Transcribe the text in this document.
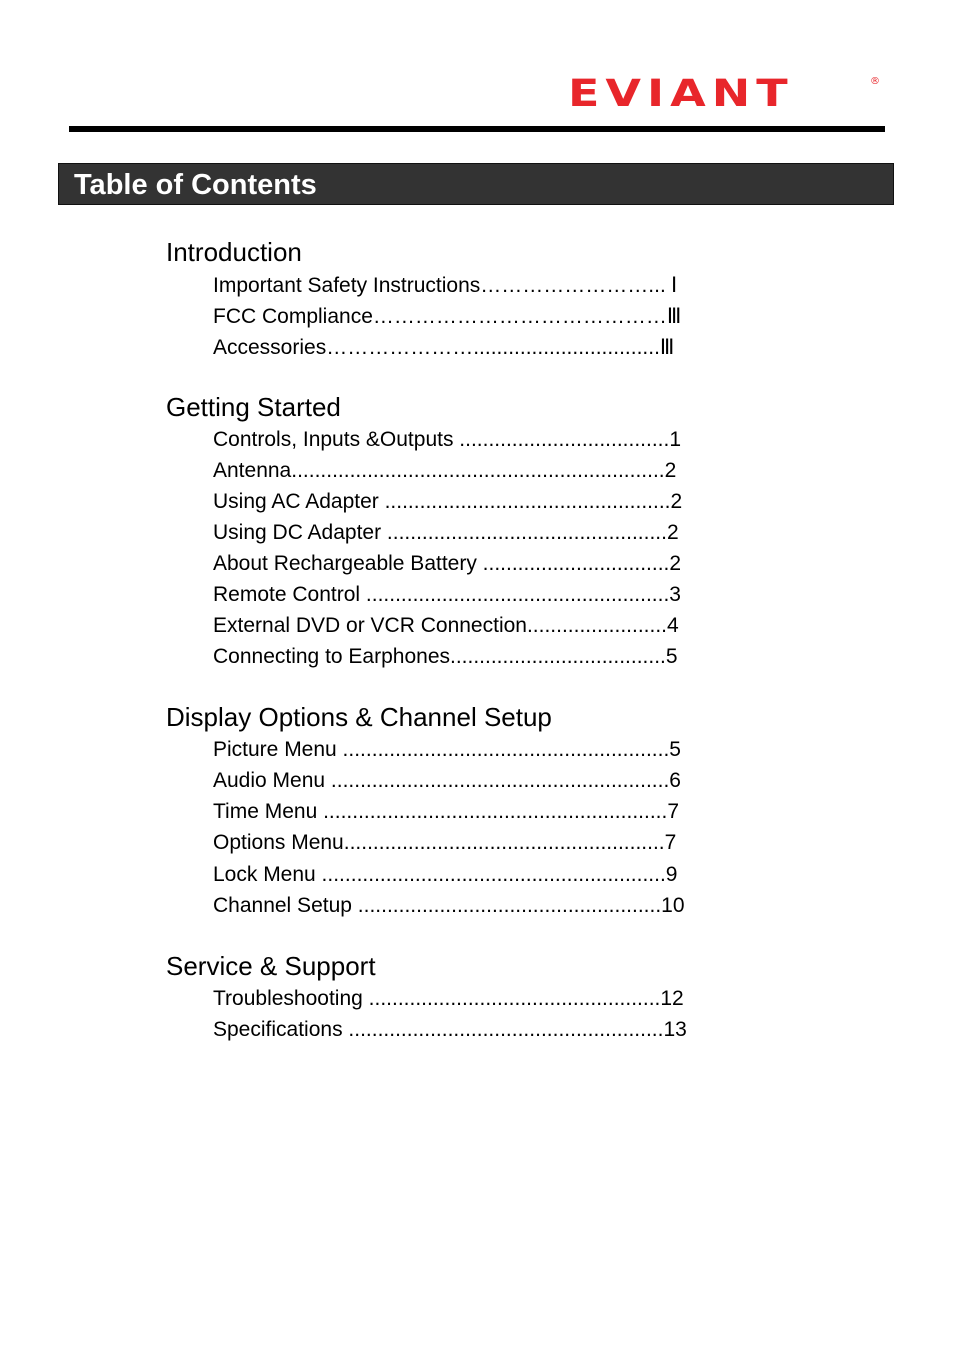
EVIANT	®
Table of Contents
Introduction
Important Safety Instructions……………………... Ⅰ
FCC Compliance……………………………………Ⅲ
Accessories…………………................................Ⅲ
Getting Started
Controls, Inputs &Outputs ....................................1
Antenna................................................................2
Using AC Adapter .................................................2
Using DC Adapter ................................................2
About Rechargeable Battery ................................2
Remote Control ....................................................3
External DVD or VCR Connection........................4
Connecting to Earphones.....................................5
Display Options & Channel Setup
Picture Menu ........................................................5
Audio Menu ..........................................................6
Time Menu ...........................................................7
Options Menu.......................................................7
Lock Menu ...........................................................9
Channel Setup ....................................................10
Service & Support
Troubleshooting ..................................................12
Specifications ......................................................13
